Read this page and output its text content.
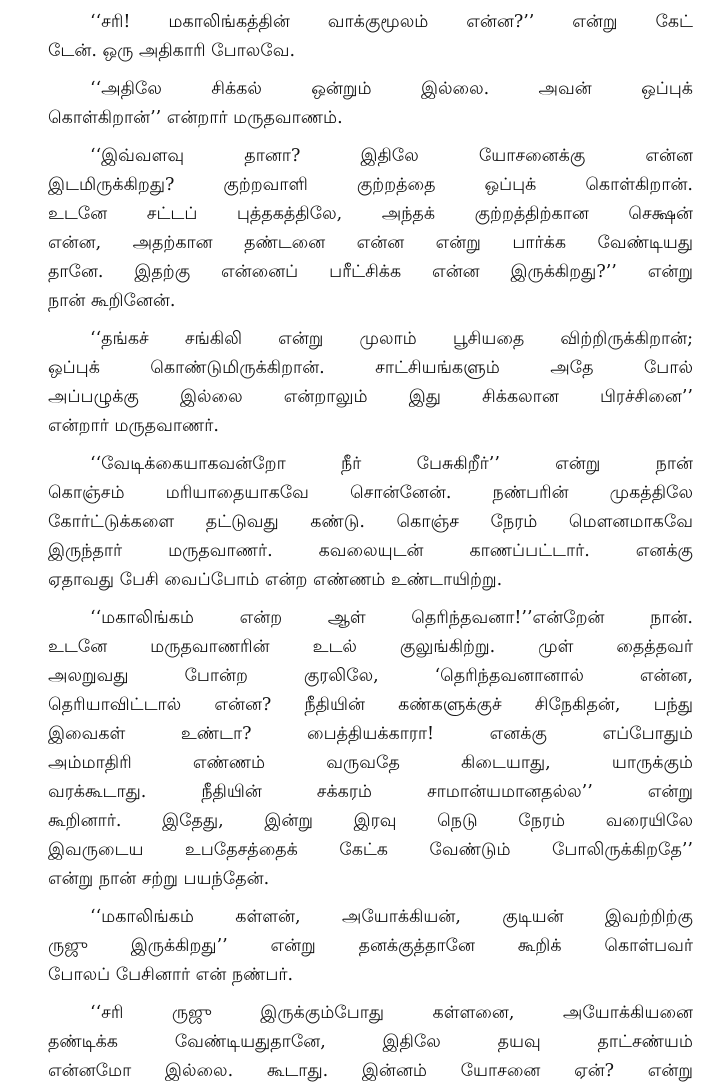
‘‘சரி! மகாலிங்கத்தின் வாக்குமூலம் என்ன?’’ என்று கேட்
டேன். ஒரு அதிகாரி போலவே.

‘‘அதிலே சிக்கல் ஒன்றும் இல்லை. அவன் ஒப்புக்
கொள்கிறான்’’ என்றார் மருதவாணம்.

‘‘இவ்வளவு தானா? இதிலே யோசனைக்கு என்ன
இடமிருக்கிறது? குற்றவாளி குற்றத்தை ஒப்புக் கொள்கிறான்.
உடனே சட்டப் புத்தகத்திலே, அந்தக் குற்றத்திற்கான செக்ஷன்
என்ன, அதற்கான தண்டனை என்ன என்று பார்க்க வேண்டியது
தானே. இதற்கு என்னைப் பரீட்சிக்க என்ன இருக்கிறது?’’ என்று
நான் கூறினேன்.

‘‘தங்கச் சங்கிலி என்று முலாம் பூசியதை விற்றிருக்கிறான்;
ஒப்புக் கொண்டுமிருக்கிறான். சாட்சியங்களும் அதே போல்
அப்பழுக்கு இல்லை என்றாலும் இது சிக்கலான பிரச்சினை’’
என்றார் மருதவாணர்.

‘‘வேடிக்கையாகவன்றோ நீர் பேசுகிறீர்’’ என்று நான்
கொஞ்சம் மரியாதையாகவே சொன்னேன். நண்பரின் முகத்திலே
கோர்ட்டுக்களை தட்டுவது கண்டு. கொஞ்ச நேரம் மௌனமாகவே
இருந்தார் மருதவாணர். கவலையுடன் காணப்பட்டார். எனக்கு
ஏதாவது பேசி வைப்போம் என்ற எண்ணம் உண்டாயிற்று.

‘‘மகாலிங்கம் என்ற ஆள் தெரிந்தவனா!’’என்றேன் நான்.
உடனே மருதவாணரின் உடல் குலுங்கிற்று. முள் தைத்தவர்
அலறுவது போன்ற குரலிலே, ‘தெரிந்தவனானால் என்ன,
தெரியாவிட்டால் என்ன? நீதியின் கண்களுக்குச் சிநேகிதன், பந்து
இவைகள் உண்டா? பைத்தியக்காரா! எனக்கு எப்போதும்
அம்மாதிரி எண்ணம் வருவதே கிடையாது, யாருக்கும்
வரக்கூடாது. நீதியின் சக்கரம் சாமான்யமானதல்ல’’ என்று
கூறினார். இதேது, இன்று இரவு நெடு நேரம் வரையிலே
இவருடைய உபதேசத்தைக் கேட்க வேண்டும் போலிருக்கிறதே’’
என்று நான் சற்று பயந்தேன்.

‘‘மகாலிங்கம் கள்ளன், அயோக்கியன், குடியன் இவற்றிற்கு
ருஜு இருக்கிறது’’ என்று தனக்குத்தானே கூறிக் கொள்பவர்
போலப் பேசினார் என் நண்பர்.

‘‘சரி ருஜு இருக்கும்போது கள்ளனை, அயோக்கியனை
தண்டிக்க வேண்டியதுதானே, இதிலே தயவு தாட்சண்யம்
என்னமோ இல்லை. கூடாது. இன்னம் யோசனை ஏன்? என்று
